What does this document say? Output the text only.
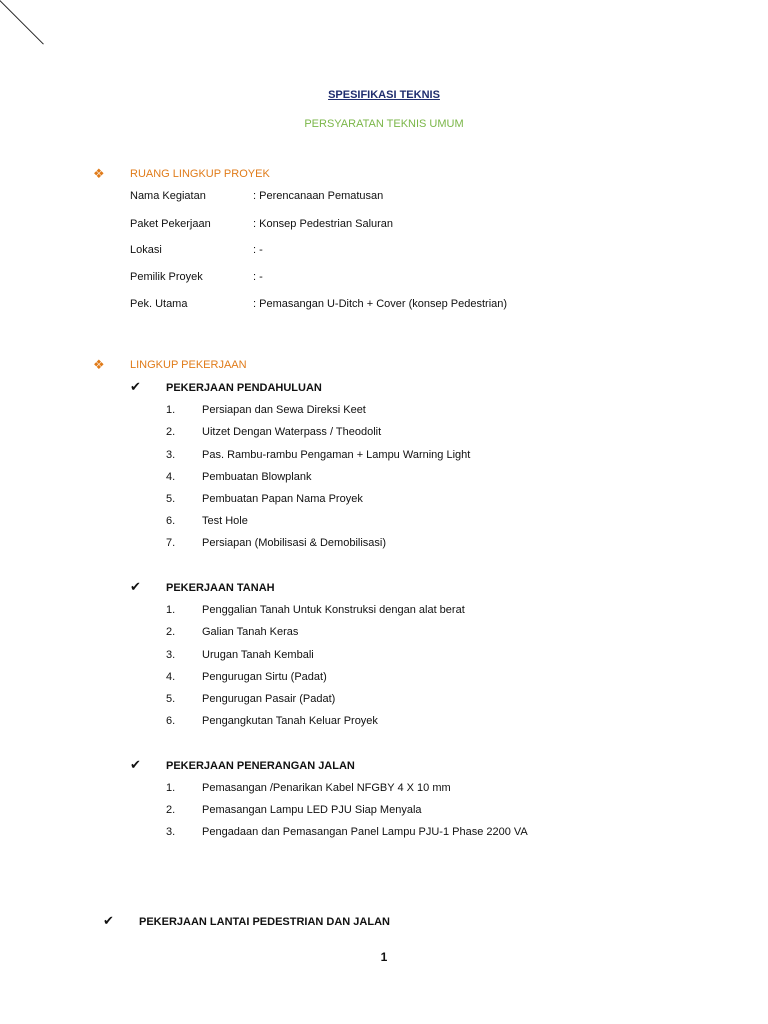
SPESIFIKASI TEKNIS
PERSYARATAN TEKNIS UMUM
❖ RUANG LINGKUP PROYEK
Nama Kegiatan	: Perencanaan Pematusan
Paket Pekerjaan	: Konsep Pedestrian Saluran
Lokasi	: -
Pemilik Proyek	: -
Pek. Utama	: Pemasangan U-Ditch + Cover (konsep Pedestrian)
❖ LINGKUP PEKERJAAN
✔ PEKERJAAN PENDAHULUAN
1.	Persiapan dan Sewa Direksi Keet
2.	Uitzet Dengan Waterpass / Theodolit
3.	Pas. Rambu-rambu Pengaman + Lampu Warning Light
4.	Pembuatan Blowplank
5.	Pembuatan Papan Nama Proyek
6.	Test Hole
7.	Persiapan (Mobilisasi & Demobilisasi)
✔ PEKERJAAN TANAH
1.	Penggalian Tanah Untuk Konstruksi dengan alat berat
2.	Galian Tanah Keras
3.	Urugan Tanah Kembali
4.	Pengurugan Sirtu (Padat)
5.	Pengurugan Pasair (Padat)
6.	Pengangkutan Tanah Keluar Proyek
✔ PEKERJAAN PENERANGAN JALAN
1.	Pemasangan /Penarikan Kabel NFGBY 4 X 10 mm
2.	Pemasangan Lampu LED PJU Siap Menyala
3.	Pengadaan dan Pemasangan Panel Lampu PJU-1 Phase 2200 VA
✔ PEKERJAAN LANTAI PEDESTRIAN DAN JALAN
1
